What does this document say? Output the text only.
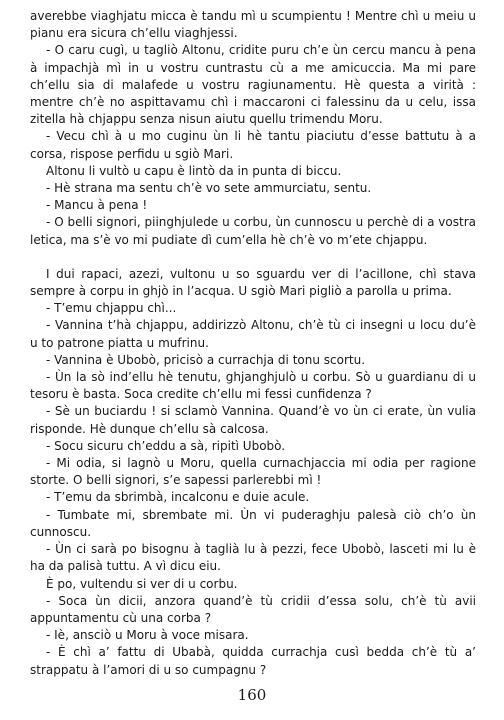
averebbe viaghjatu micca è tandu mì u scumpientu ! Mentre chì u meiu u pianu era sicura ch’ellu viaghjessi.

- O caru cugì, u tagliò Altonu, cridite puru ch’e ùn cercu mancu à pena à impachjà mì in u vostru cuntrastu cù a me amicuccia. Ma mi pare ch’ellu sia di malafede u vostru ragiunamentu. Hè questa a virità : mentre ch’è no aspittavamu chì i maccaroni ci falessinu da u celu, issa zitella hà chjappu senza nisun aiutu quellu trimendu Moru.

- Vecu chì à u mo cuginu ùn li hè tantu piaciutu d’esse battutu à a corsa, rispose perfidu u sgiò Mari.

Altonu li vultò u capu è lintò da in punta di biccu.

- Hè strana ma sentu ch’è vo sete ammurciatu, sentu.

- Mancu à pena !

- O belli signori, piinghjulede u corbu, ùn cunnoscu u perchè di a vostra letica, ma s’è vo mi pudiate dì cum’ella hè ch’è vo m’ete chjappu.

I dui rapaci, azezi, vultonu u so sguardu ver di l’acillone, chì stava sempre à corpu in ghjò in l’acqua. U sgiò Mari pigliò a parolla u prima.

- T’emu chjappu chì...

- Vannina t’hà chjappu, addirizzò Altonu, ch’è tù ci insegni u locu du’è u to patrone piatta u mufrinu.

- Vannina è Ubobò, pricisò a currachja di tonu scortu.

- Ùn la sò ind’ellu hè tenutu, ghjanghjulò u corbu. Sò u guardianu di u tesoru è basta. Soca credite ch’ellu mi fessi cunfidenza ?

- Sè un buciardu ! si sclamò Vannina. Quand’è vo ùn ci erate, ùn vulia risponde. Hè dunque ch’ellu sà calcosa.

- Socu sicuru ch’eddu a sà, ripitì Ubobò.

- Mi odia, si lagnò u Moru, quella curnachjaccia mi odia per ragione storte. O belli signori, s’e sapessi parlerebbi mì !

- T’emu da sbrimbà, incalconu e duie acule.

- Tumbate mi, sbrembate mi. Ùn vi puderaghju palesà ciò ch’o ùn cunnoscu.

- Ùn ci sarà po bisognu à taglià lu à pezzi, fece Ubobò, lasceti mi lu è ha da palisà tuttu. A vì dicu eiu.

È po, vultendu si ver di u corbu.

- Soca ùn dicii, anzora quand’è tù cridii d’essa solu, ch’è tù avii appuntamentu cù una corba ?

- Iè, ansciò u Moru à voce misara.

- È chì a’ fattu di Ubabà, quidda currachja cusì bedda ch’è tù a’ strappatu à l’amori di u so cumpagnu ?

160
